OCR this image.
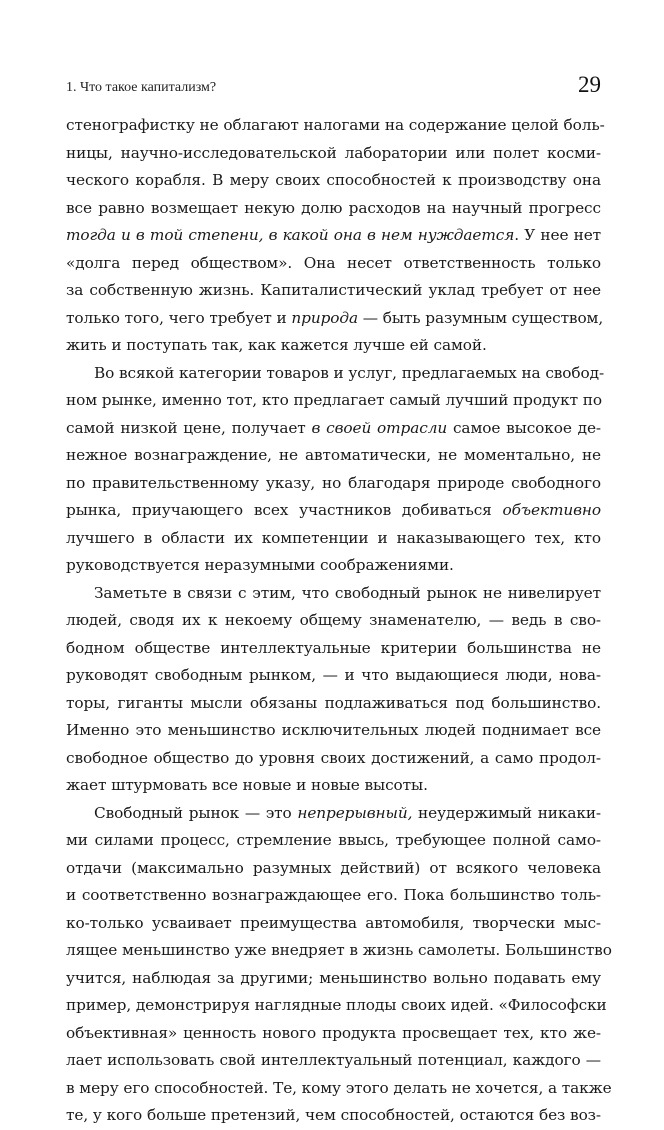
1. Что такое капитализм?	29
стенографистку не облагают налогами на содержание целой боль-
ницы, научно-исследовательской лаборатории или полет косми-
ческого корабля. В меру своих способностей к производству она
все равно возмещает некую долю расходов на научный прогресс
тогда и в той степени, в какой она в нем нуждается. У нее нет
«долга перед обществом». Она несет ответственность только
за собственную жизнь. Капиталистический уклад требует от нее
только того, чего требует и природа — быть разумным существом,
жить и поступать так, как кажется лучше ей самой.
Во всякой категории товаров и услуг, предлагаемых на свобод-
ном рынке, именно тот, кто предлагает самый лучший продукт по
самой низкой цене, получает в своей отрасли самое высокое де-
нежное вознаграждение, не автоматически, не моментально, не
по правительственному указу, но благодаря природе свободного
рынка, приучающего всех участников добиваться объективно
лучшего в области их компетенции и наказывающего тех, кто
руководствуется неразумными соображениями.
Заметьте в связи с этим, что свободный рынок не нивелирует
людей, сводя их к некоему общему знаменателю, — ведь в сво-
бодном обществе интеллектуальные критерии большинства не
руководят свободным рынком, — и что выдающиеся люди, нова-
торы, гиганты мысли обязаны подлаживаться под большинство.
Именно это меньшинство исключительных людей поднимает все
свободное общество до уровня своих достижений, а само продол-
жает штурмовать все новые и новые высоты.
Свободный рынок — это непрерывный, неудержимый никаки-
ми силами процесс, стремление ввысь, требующее полной само-
отдачи (максимально разумных действий) от всякого человека
и соответственно вознаграждающее его. Пока большинство толь-
ко-только усваивает преимущества автомобиля, творчески мыс-
лящее меньшинство уже внедряет в жизнь самолеты. Большинство
учится, наблюдая за другими; меньшинство вольно подавать ему
пример, демонстрируя наглядные плоды своих идей. «Философски
объективная» ценность нового продукта просвещает тех, кто же-
лает использовать свой интеллектуальный потенциал, каждого —
в меру его способностей. Те, кому этого делать не хочется, а также
те, у кого больше претензий, чем способностей, остаются без воз-
